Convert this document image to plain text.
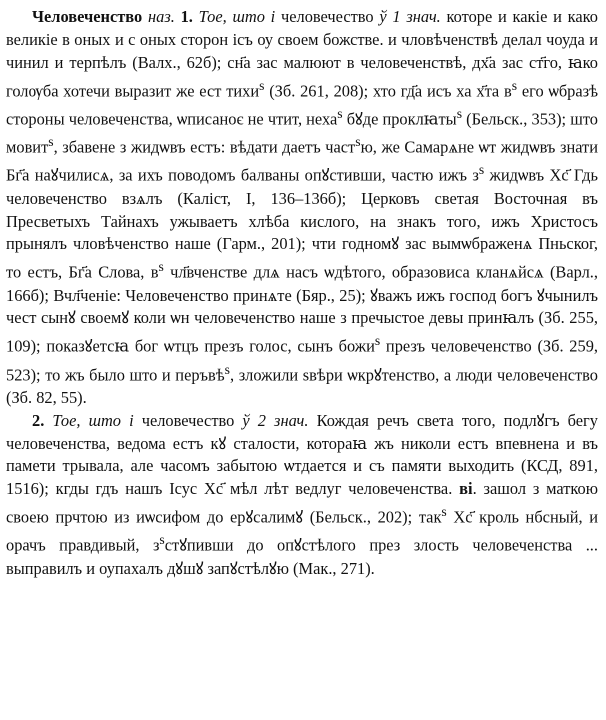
Человеченство наз. 1. Тое, што і человечество ў 1 знач. котоpe и какіе и како великіе в оных и с оных сторон ісъ оу своем божстве. и чловѣченствѣ делал чоуда и чинил и терпѣлъ (Валх., 62б); сн҃а зас малюют в человеченствѣ, дх҃а зас ст҃го, ꙗко голѹба хотечи выразит же ест тихи$^s$ (Зб. 261, 208); хто гд҃а исъ ха х҃та $в^s$ его ѡбразѣ стороны человеченства, ѡписаноє не чтит, неха$^s$ бꙋде проклꙗты$^s$ (Бельск., 353); што мовит$^s$, збавене з жидѡвъ естъ: вѣдати даетъ част$^s$ю, же Самарѧне ѡт жидѡвъ знати Бг҃а наꙋчилисѧ, за ихъ поводомъ балваны опꙋстивши, частю ижъ $з^s$ жидѡвъ Хс҃ Гдь человеченство взѧлъ (Каліст, І, 136–136б); Церковъ светая Восточная въ Пресветыхъ Тайнахъ ужываетъ хлѣба кислого, на знакъ того, ижъ Христосъ прынялъ чловѣченство наше (Гарм., 201); чти годномꙋ зас вымѡбраженѧ Пньског, то естъ, Бг҃а Слова, $в^s$ чл҃вченстве длѧ насъ ѡдѣтого, образовиса кланѧйсѧ (Варл., 166б); Вчл҃ченіе: Человеченство принѧте (Бяр., 25); ꙋважъ ижъ господ богъ ꙋчынилъ чест сынꙋ своемꙋ коли ѡн человеченство наше з пречыстое девы принꙗлъ (Зб. 255, 109); показꙋетсꙗ бог ѡтцъ презъ голос, сынъ божи$^s$ презъ человеченство (Зб. 259, 523); то жъ было што и перъвѣ$^s$, зложили ѕвѣри ѡкрꙋтенство, а люди человеченство (Зб. 82, 55).
2. Тое, што і человечество ў 2 знач. Кождая речъ света того, подлꙋгъ бегу человеченства, ведома естъ кꙋ сталости, котораꙗ жъ николи естъ впевнена и въ памети трывала, але часомъ забытою ѡтдается и съ памяти выходить (КСД, 891, 1516); кгды гдъ нашъ Ісус Хс҃ мѣл лѣт ведлуг человеченства. ві. зашол з маткою своею прчтою из иѡсифом до ерꙋсалимꙋ (Бельск., 202); так$^s$ Хс҃ кроль нбсный, и орачъ правдивый, $з^sстꙋпивши$ до опꙋстѣлого през злость человеченства ... выправилъ и оупахалъ дꙋшꙋ запꙋстѣлꙋю (Мак., 271).
